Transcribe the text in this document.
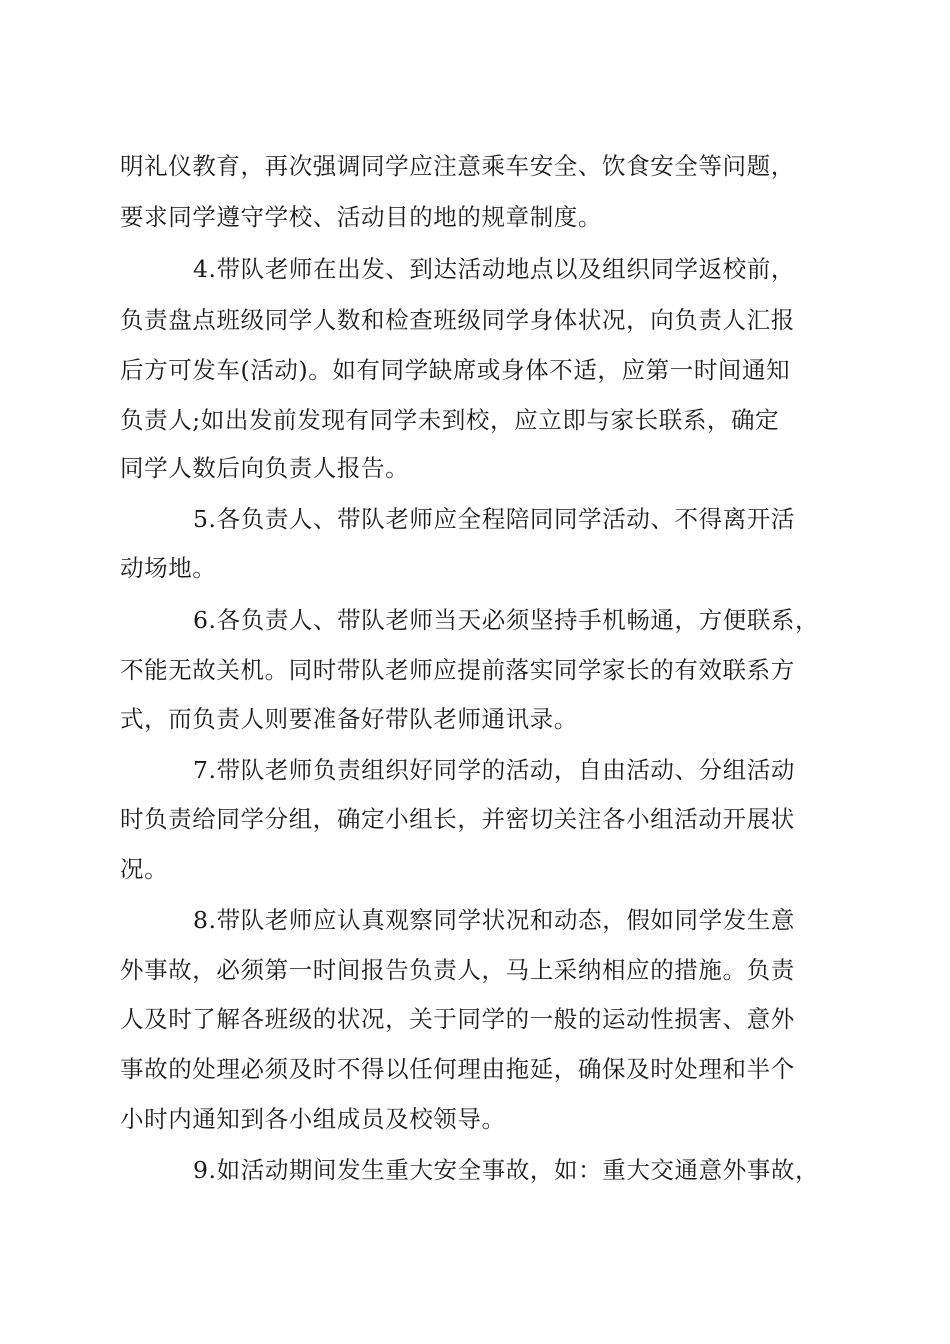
明礼仪教育，再次强调同学应注意乘车安全、饮食安全等问题，
要求同学遵守学校、活动目的地的规章制度。
4.带队老师在出发、到达活动地点以及组织同学返校前，
负责盘点班级同学人数和检查班级同学身体状况，向负责人汇报
后方可发车(活动)。如有同学缺席或身体不适，应第一时间通知
负责人;如出发前发现有同学未到校，应立即与家长联系，确定
同学人数后向负责人报告。
5.各负责人、带队老师应全程陪同同学活动、不得离开活
动场地。
6.各负责人、带队老师当天必须坚持手机畅通，方便联系，
不能无故关机。同时带队老师应提前落实同学家长的有效联系方
式，而负责人则要准备好带队老师通讯录。
7.带队老师负责组织好同学的活动，自由活动、分组活动
时负责给同学分组，确定小组长，并密切关注各小组活动开展状
况。
8.带队老师应认真观察同学状况和动态，假如同学发生意
外事故，必须第一时间报告负责人，马上采纳相应的措施。负责
人及时了解各班级的状况，关于同学的一般的运动性损害、意外
事故的处理必须及时不得以任何理由拖延，确保及时处理和半个
小时内通知到各小组成员及校领导。
9.如活动期间发生重大安全事故，如：重大交通意外事故，
